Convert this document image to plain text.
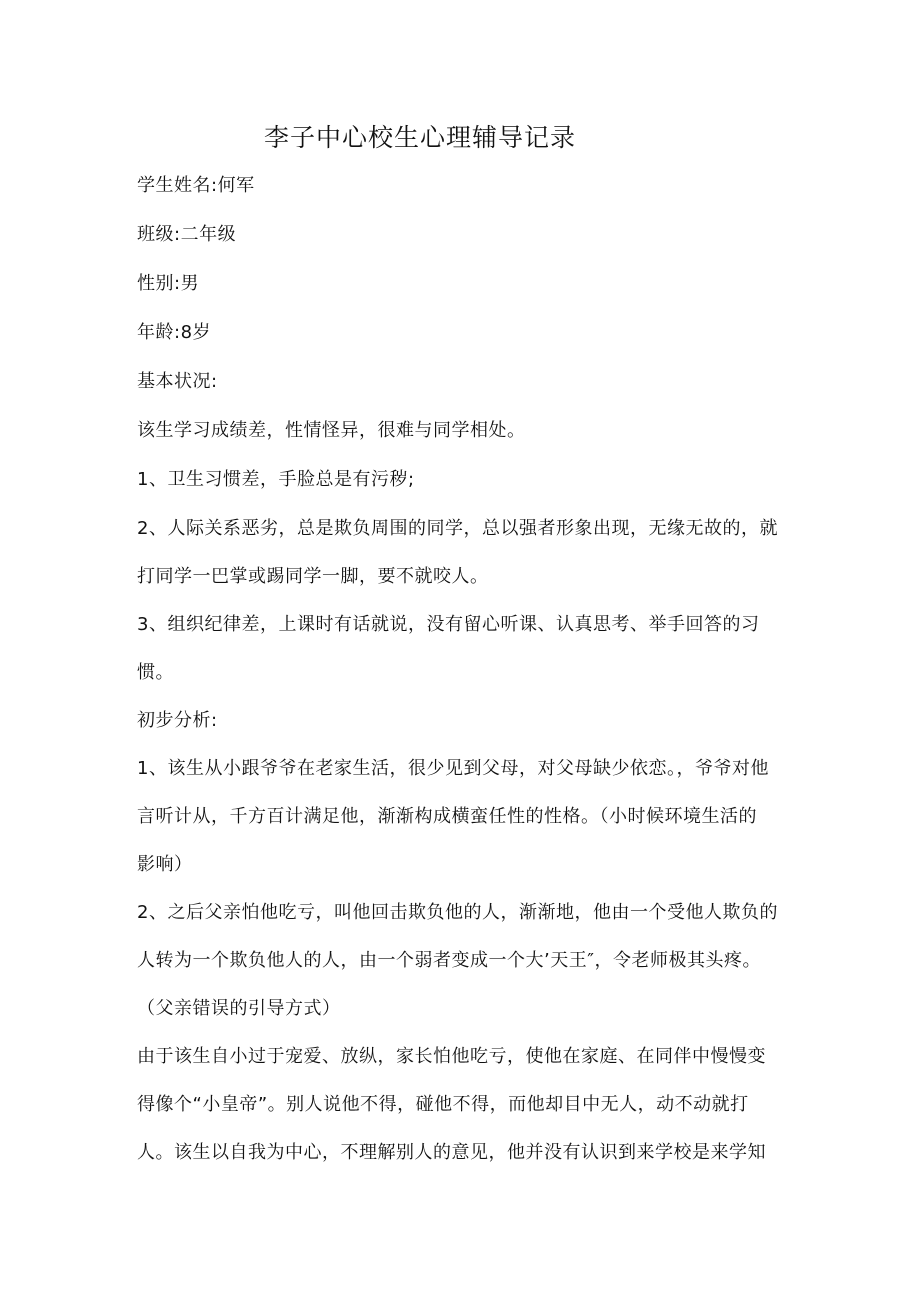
李子中心校生心理辅导记录
学生姓名:何军
班级:二年级
性别:男
年龄:8岁
基本状况:
该生学习成绩差，性情怪异，很难与同学相处。
1、卫生习惯差，手脸总是有污秽;
2、人际关系恶劣，总是欺负周围的同学，总以强者形象出现，无缘无故的，就
打同学一巴掌或踢同学一脚，要不就咬人。
3、组织纪律差，上课时有话就说，没有留心听课、认真思考、举手回答的习
惯。
初步分析:
1、该生从小跟爷爷在老家生活，很少见到父母，对父母缺少依恋。，爷爷对他
言听计从，千方百计满足他，渐渐构成横蛮任性的性格。（小时候环境生活的
影响）
2、之后父亲怕他吃亏，叫他回击欺负他的人，渐渐地，他由一个受他人欺负的
人转为一个欺负他人的人，由一个弱者变成一个大’天王″，令老师极其头疼。
（父亲错误的引导方式）
由于该生自小过于宠爱、放纵，家长怕他吃亏，使他在家庭、在同伴中慢慢变
得像个“小皇帝”。别人说他不得，碰他不得，而他却目中无人，动不动就打
人。该生以自我为中心，不理解别人的意见，他并没有认识到来学校是来学知
